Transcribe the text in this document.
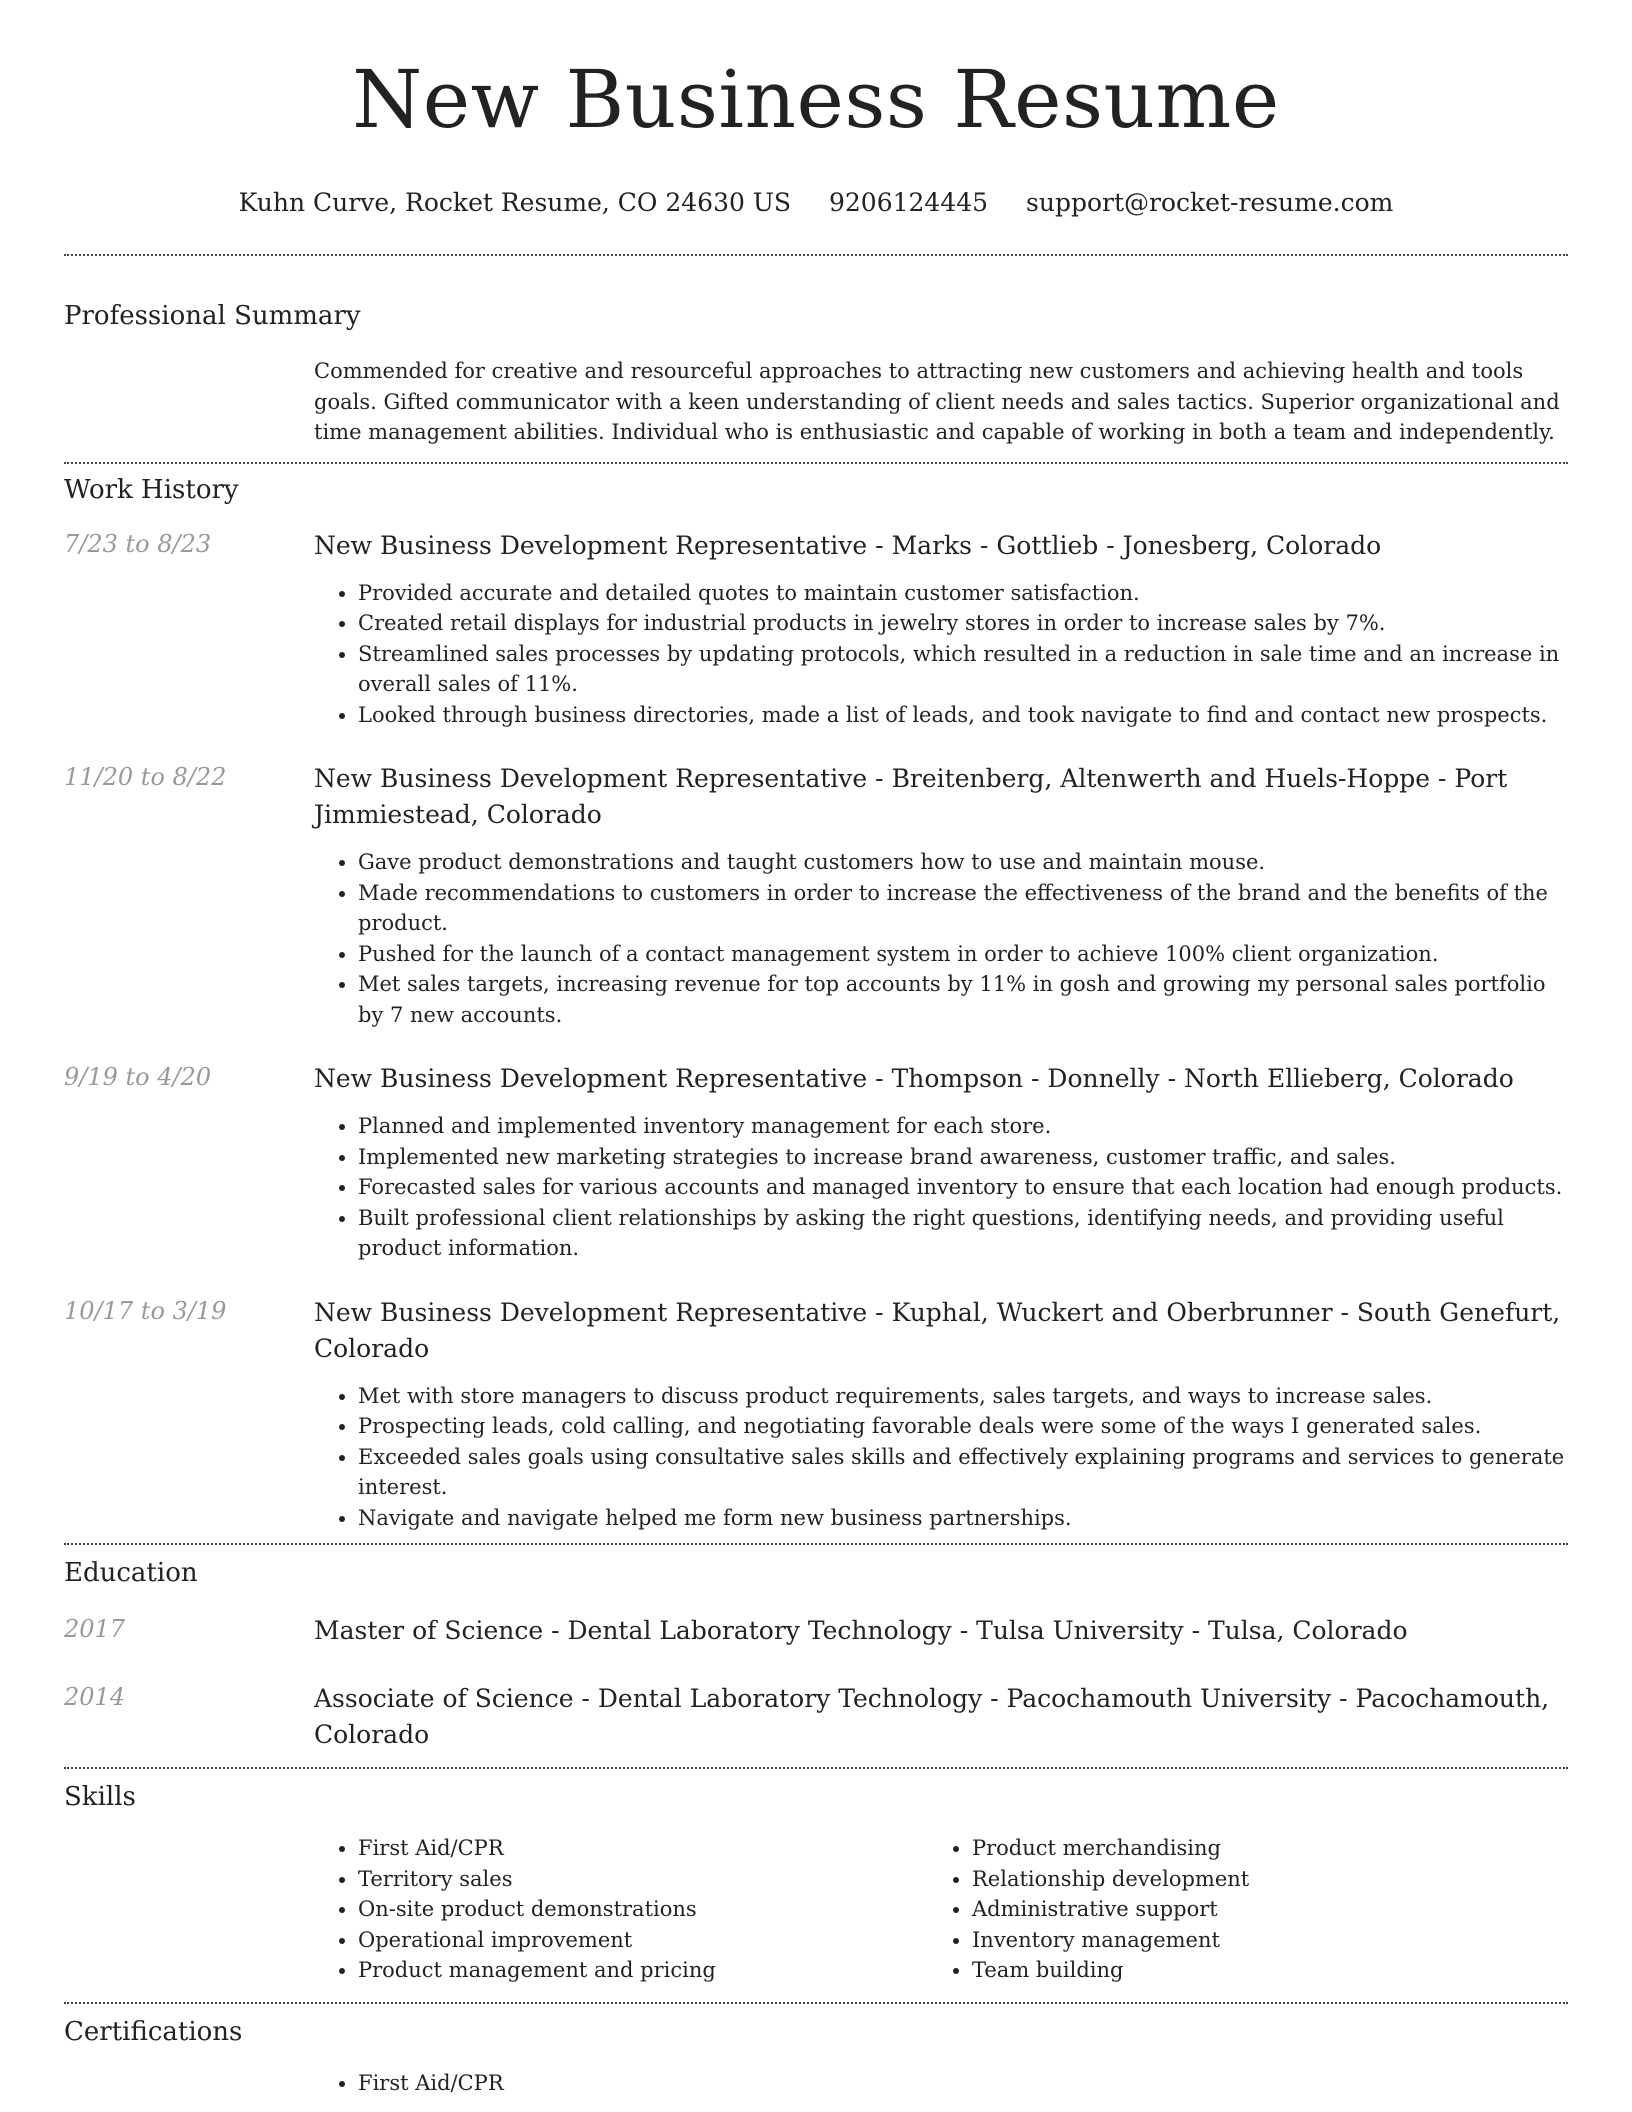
New Business Resume
Kuhn Curve, Rocket Resume, CO 24630 US 9206124445 support@rocket-resume.com
Professional Summary

Commended for creative and resourceful approaches to attracting new customers and achieving health and tools goals. Gifted communicator with a keen understanding of client needs and sales tactics. Superior organizational and time management abilities. Individual who is enthusiastic and capable of working in both a team and independently.

Work History
7/23 to 8/23	New Business Development Representative - Marks - Gottlieb - Jonesberg, Colorado
• Provided accurate and detailed quotes to maintain customer satisfaction.
• Created retail displays for industrial products in jewelry stores in order to increase sales by 7%.
• Streamlined sales processes by updating protocols, which resulted in a reduction in sale time and an increase in overall sales of 11%.
• Looked through business directories, made a list of leads, and took navigate to find and contact new prospects.
11/20 to 8/22	New Business Development Representative - Breitenberg, Altenwerth and Huels-Hoppe - Port Jimmiestead, Colorado
• Gave product demonstrations and taught customers how to use and maintain mouse.
• Made recommendations to customers in order to increase the effectiveness of the brand and the benefits of the product.
• Pushed for the launch of a contact management system in order to achieve 100% client organization.
• Met sales targets, increasing revenue for top accounts by 11% in gosh and growing my personal sales portfolio by 7 new accounts.
9/19 to 4/20	New Business Development Representative - Thompson - Donnelly - North Ellieberg, Colorado
• Planned and implemented inventory management for each store.
• Implemented new marketing strategies to increase brand awareness, customer traffic, and sales.
• Forecasted sales for various accounts and managed inventory to ensure that each location had enough products.
• Built professional client relationships by asking the right questions, identifying needs, and providing useful product information.
10/17 to 3/19	New Business Development Representative - Kuphal, Wuckert and Oberbrunner - South Genefurt, Colorado
• Met with store managers to discuss product requirements, sales targets, and ways to increase sales.
• Prospecting leads, cold calling, and negotiating favorable deals were some of the ways I generated sales.
• Exceeded sales goals using consultative sales skills and effectively explaining programs and services to generate interest.
• Navigate and navigate helped me form new business partnerships.
Education
2017	Master of Science - Dental Laboratory Technology - Tulsa University - Tulsa, Colorado
2014	Associate of Science - Dental Laboratory Technology - Pacochamouth University - Pacochamouth, Colorado
Skills
• First Aid/CPR
• Territory sales
• On-site product demonstrations
• Operational improvement
• Product management and pricing
• Product merchandising
• Relationship development
• Administrative support
• Inventory management
• Team building
Certifications
• First Aid/CPR
